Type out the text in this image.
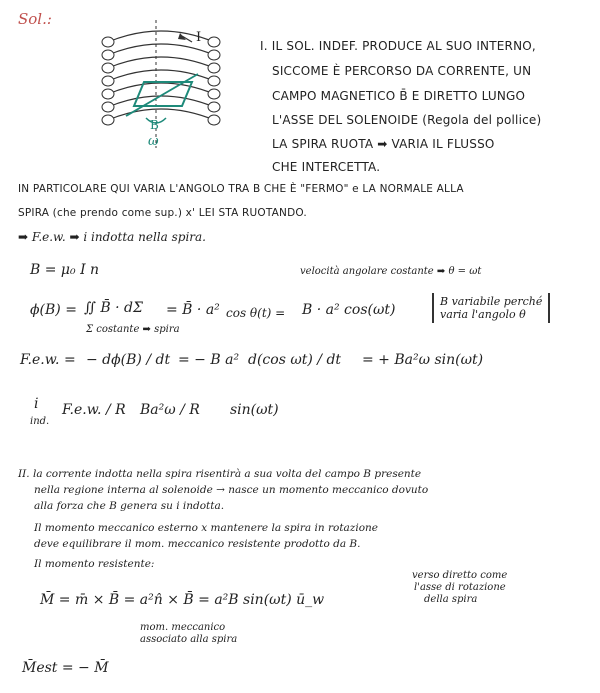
Sol.:
I
ω
B
I. IL SOL. INDEF. PRODUCE AL SUO INTERNO,
SICCOME È PERCORSO DA CORRENTE, UN
CAMPO MAGNETICO B̄ E DIRETTO LUNGO
L'ASSE DEL SOLENOIDE (Regola del pollice)
LA SPIRA RUOTA ➡ VARIA IL FLUSSO
CHE INTERCETTA.
IN PARTICOLARE QUI VARIA L'ANGOLO TRA B CHE È "FERMO" e LA NORMALE ALLA
SPIRA (che prendo come sup.) x' LEI STA RUOTANDO.
➡ F.e.w. ➡ i indotta nella spira.
B = μ₀ I n	velocità angolare costante ➡ θ = ωt
ϕ(B) = ∬ B̄ · dΣ̄
Σ costante ➡ spira
= B̄ · a² cos θ(t) = B · a² cos(ωt)
B variabile perché
varia l'angolo θ
F.e.w. = − dϕ(B) / dt = − B a² d(cos ωt) / dt = + Ba²ω sin(ωt)
i
ind.
F.e.w. / R Ba²ω / R sin(ωt)
II. la corrente indotta nella spira risentirà a sua volta del campo B presente
nella regione interna al solenoide → nasce un momento meccanico dovuto
alla forza che B genera su i indotta.
Il momento meccanico esterno x mantenere la spira in rotazione
deve equilibrare il mom. meccanico resistente prodotto da B.
Il momento resistente:
M̄ = m̄ × B̄ = a²n̂ × B̄ = a²B sin(ωt) ū_w
verso diretto come
l'asse di rotazione
della spira
mom. meccanico
associato alla spira
M̄est = − M̄
